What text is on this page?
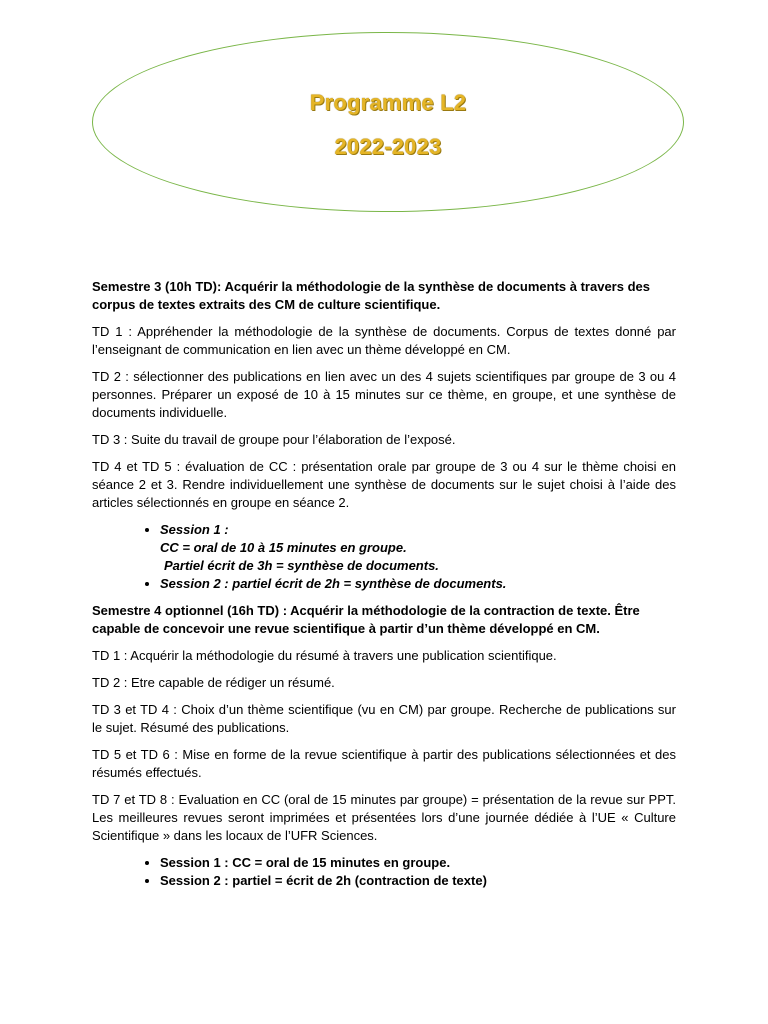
Programme L2
2022-2023

Semestre 3 (10h TD): Acquérir la méthodologie de la synthèse de documents à travers des corpus de textes extraits des CM de culture scientifique.

TD 1 : Appréhender la méthodologie de la synthèse de documents. Corpus de textes donné par l’enseignant de communication en lien avec un thème développé en CM.

TD 2 : sélectionner des publications en lien avec un des 4 sujets scientifiques par groupe de 3 ou 4 personnes. Préparer un exposé de 10 à 15 minutes sur ce thème, en groupe, et une synthèse de documents individuelle.

TD 3 : Suite du travail de groupe pour l’élaboration de l’exposé.

TD 4 et TD 5 : évaluation de CC : présentation orale par groupe de 3 ou 4 sur le thème choisi en séance 2 et 3. Rendre individuellement une synthèse de documents sur le sujet choisi à l’aide des articles sélectionnés en groupe en séance 2.

• Session 1 :
CC = oral de 10 à 15 minutes en groupe.
Partiel écrit de 3h = synthèse de documents.
• Session 2 : partiel écrit de 2h = synthèse de documents.

Semestre 4 optionnel (16h TD) : Acquérir la méthodologie de la contraction de texte. Être capable de concevoir une revue scientifique à partir d’un thème développé en CM.

TD 1 : Acquérir la méthodologie du résumé à travers une publication scientifique.

TD 2 : Etre capable de rédiger un résumé.

TD 3 et TD 4 : Choix d’un thème scientifique (vu en CM) par groupe. Recherche de publications sur le sujet. Résumé des publications.

TD 5 et TD 6 : Mise en forme de la revue scientifique à partir des publications sélectionnées et des résumés effectués.

TD 7 et TD 8 : Evaluation en CC (oral de 15 minutes par groupe) = présentation de la revue sur PPT. Les meilleures revues seront imprimées et présentées lors d’une journée dédiée à l’UE « Culture Scientifique » dans les locaux de l’UFR Sciences.

• Session 1 : CC = oral de 15 minutes en groupe.
• Session 2 : partiel = écrit de 2h (contraction de texte)
